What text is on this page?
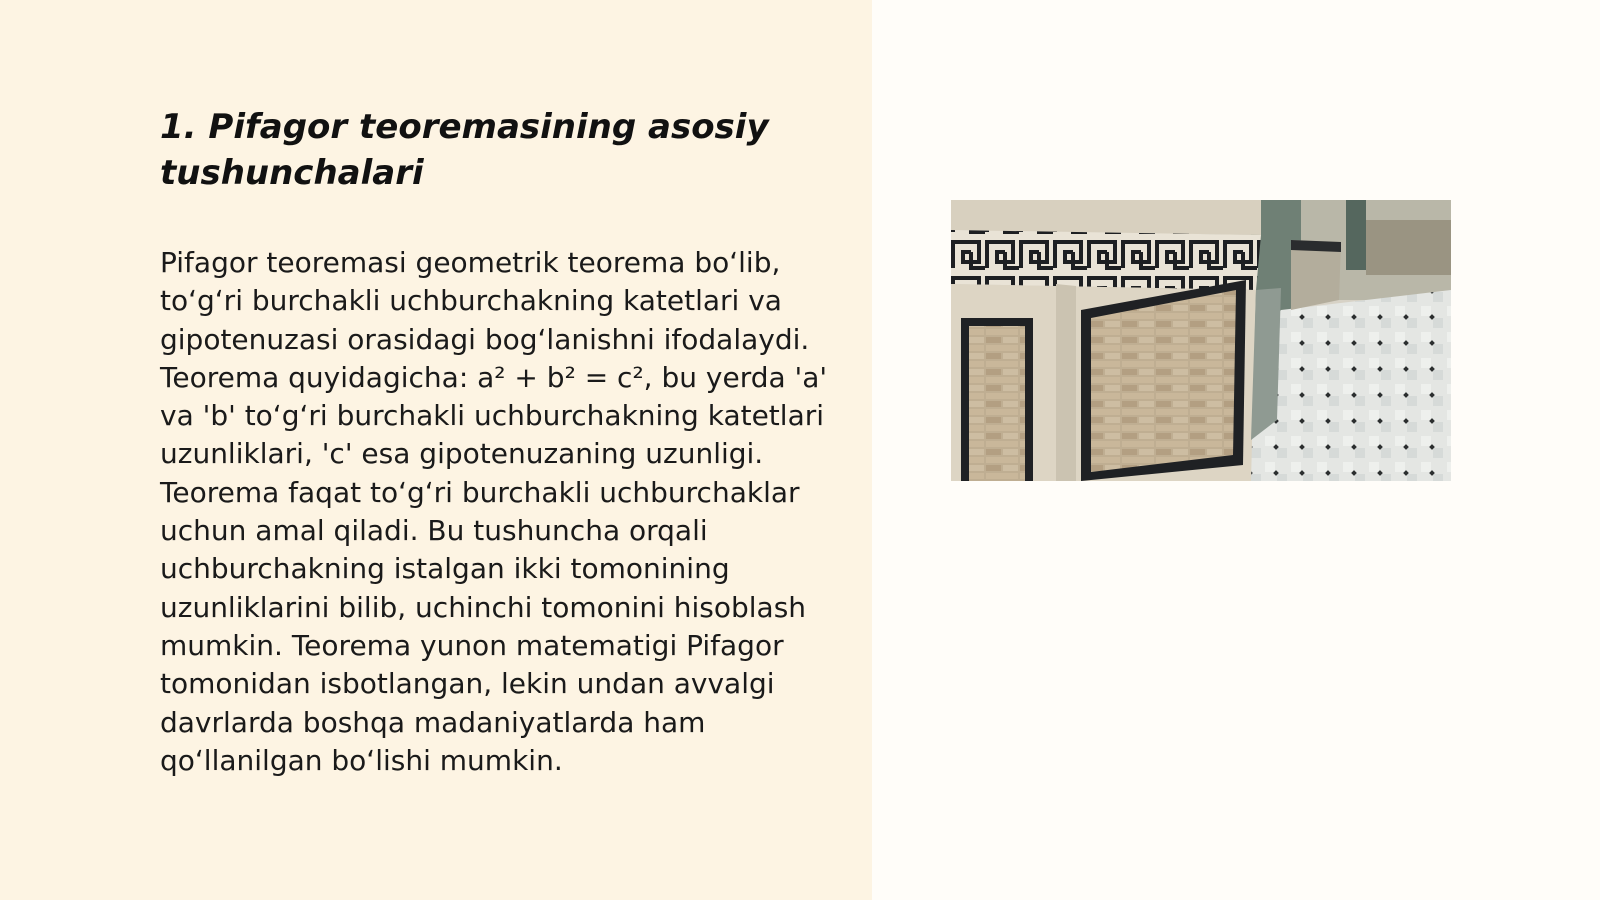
1. Pifagor teoremasining asosiy tushunchalari

Pifagor teoremasi geometrik teorema boʻlib, toʻgʻri burchakli uchburchakning katetlari va gipotenuzasi orasidagi bogʻlanishni ifodalaydi. Teorema quyidagicha: a² + b² = c², bu yerda 'a' va 'b' toʻgʻri burchakli uchburchakning katetlari uzunliklari, 'c' esa gipotenuzaning uzunligi. Teorema faqat toʻgʻri burchakli uchburchaklar uchun amal qiladi. Bu tushuncha orqali uchburchakning istalgan ikki tomonining uzunliklarini bilib, uchinchi tomonini hisoblash mumkin. Teorema yunon matematigi Pifagor tomonidan isbotlangan, lekin undan avvalgi davrlarda boshqa madaniyatlarda ham qoʻllanilgan boʻlishi mumkin.
